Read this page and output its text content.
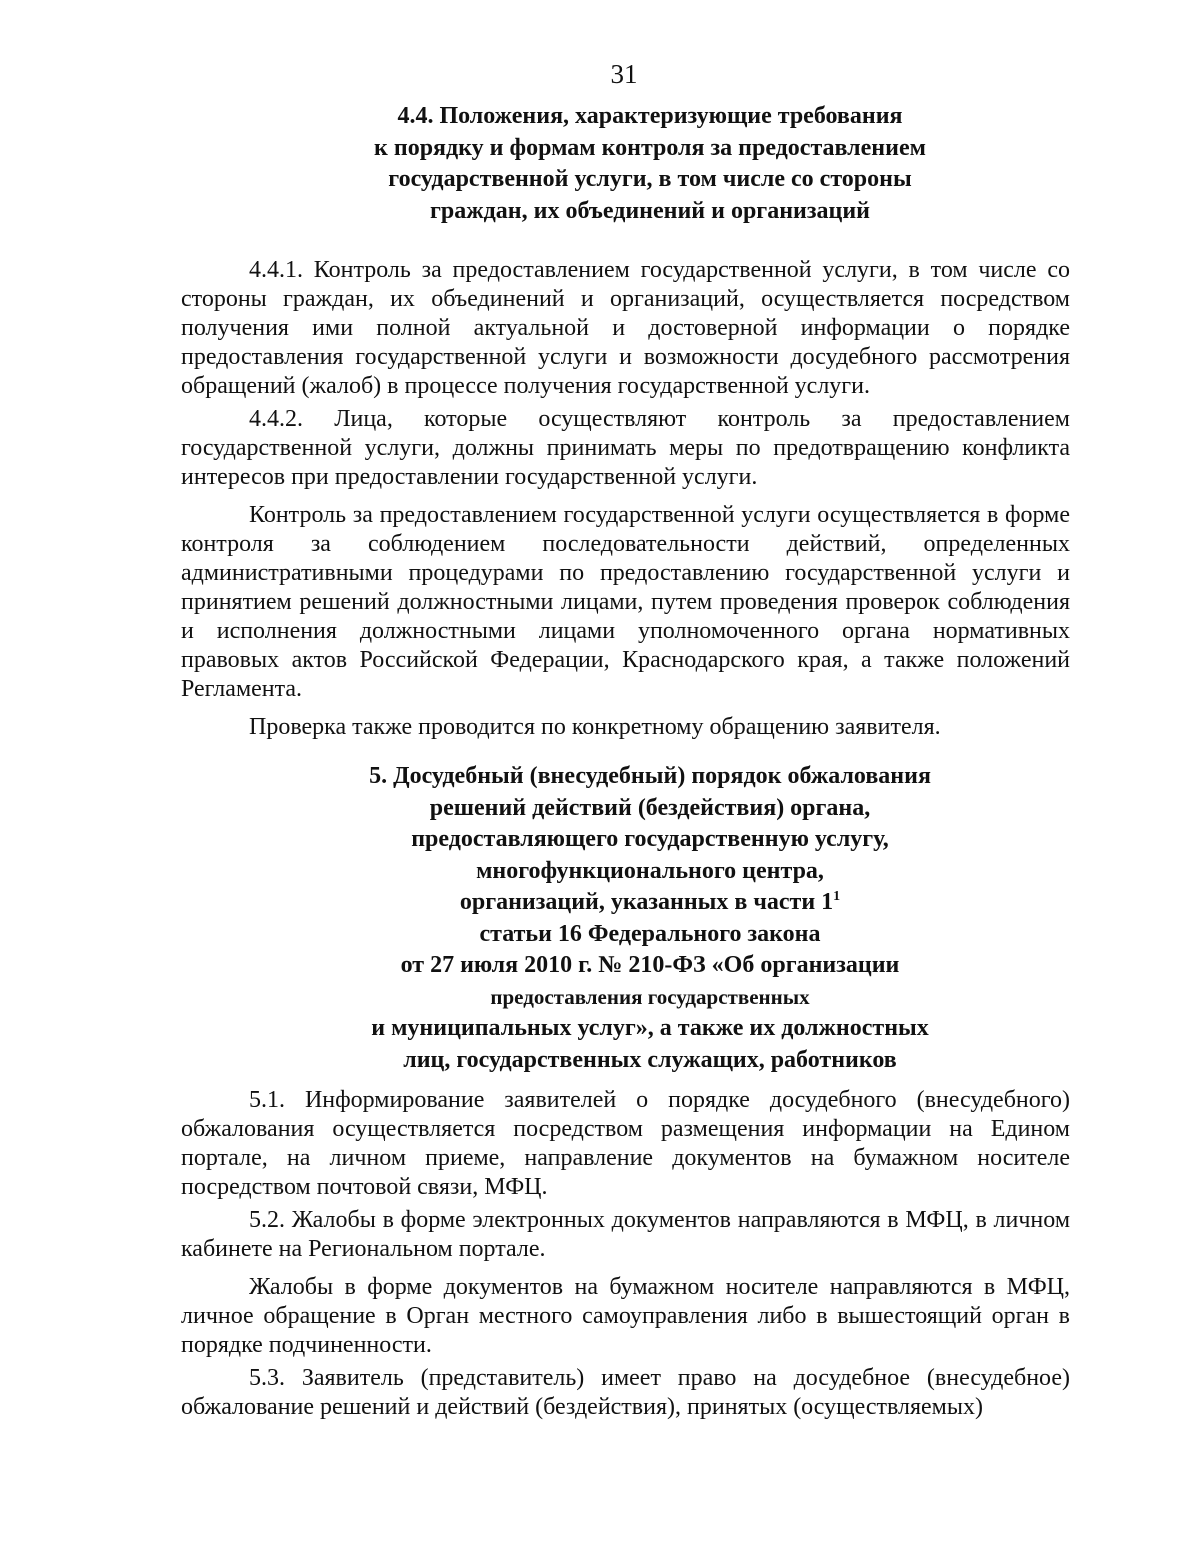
31
4.4. Положения, характеризующие требования
к порядку и формам контроля за предоставлением
государственной услуги, в том числе со стороны
граждан, их объединений и организаций

4.4.1. Контроль за предоставлением государственной услуги, в том числе со стороны граждан, их объединений и организаций, осуществляется посредством получения ими полной актуальной и достоверной информации о порядке предоставления государственной услуги и возможности досудебного рассмотрения обращений (жалоб) в процессе получения государственной услуги.

4.4.2. Лица, которые осуществляют контроль за предоставлением государственной услуги, должны принимать меры по предотвращению конфликта интересов при предоставлении государственной услуги.

Контроль за предоставлением государственной услуги осуществляется в форме контроля за соблюдением последовательности действий, определенных административными процедурами по предоставлению государственной услуги и принятием решений должностными лицами, путем проведения проверок соблюдения и исполнения должностными лицами уполномоченного органа нормативных правовых актов Российской Федерации, Краснодарского края, а также положений Регламента.

Проверка также проводится по конкретному обращению заявителя.

5. Досудебный (внесудебный) порядок обжалования
решений действий (бездействия) органа,
предоставляющего государственную услугу,
многофункционального центра,
организаций, указанных в части $1^1$
статьи 16 Федерального закона
от 27 июля 2010 г. № 210-ФЗ «Об организации
предоставления государственных
и муниципальных услуг», а также их должностных
лиц, государственных служащих, работников

5.1. Информирование заявителей о порядке досудебного (внесудебного) обжалования осуществляется посредством размещения информации на Едином портале, на личном приеме, направление документов на бумажном носителе посредством почтовой связи, МФЦ.

5.2. Жалобы в форме электронных документов направляются в МФЦ, в личном кабинете на Региональном портале.

Жалобы в форме документов на бумажном носителе направляются в МФЦ, личное обращение в Орган местного самоуправления либо в вышестоящий орган в порядке подчиненности.

5.3. Заявитель (представитель) имеет право на досудебное (внесудебное) обжалование решений и действий (бездействия), принятых (осуществляемых)
